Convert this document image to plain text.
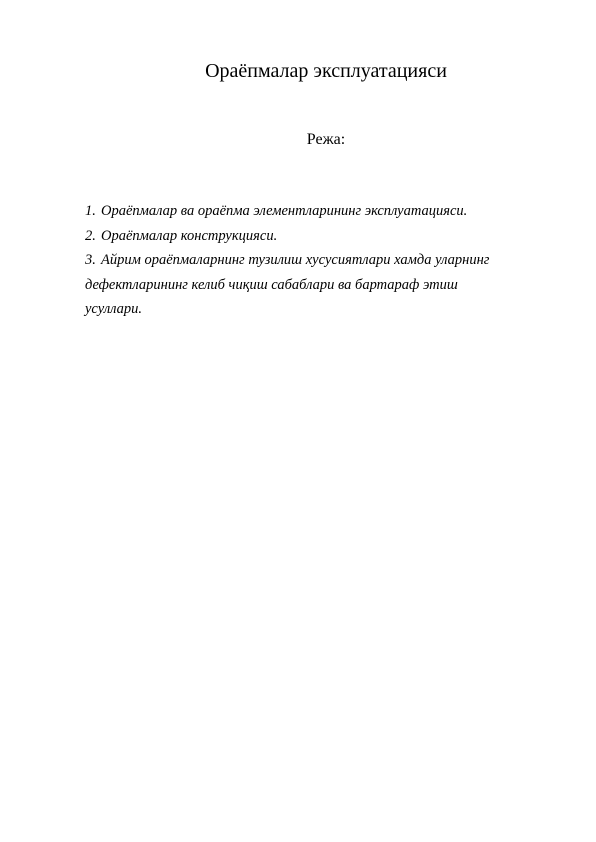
Ораёпмалар эксплуатацияси
Режа:
1. Ораёпмалар ва ораёпма элементларининг эксплуатацияси.
2. Ораёпмалар конструкцияси.
3. Айрим ораёпмаларнинг тузилиш хусусиятлари хамда уларнинг
дефектларининг келиб чиқиш сабаблари ва бартараф этиш
усуллари.
